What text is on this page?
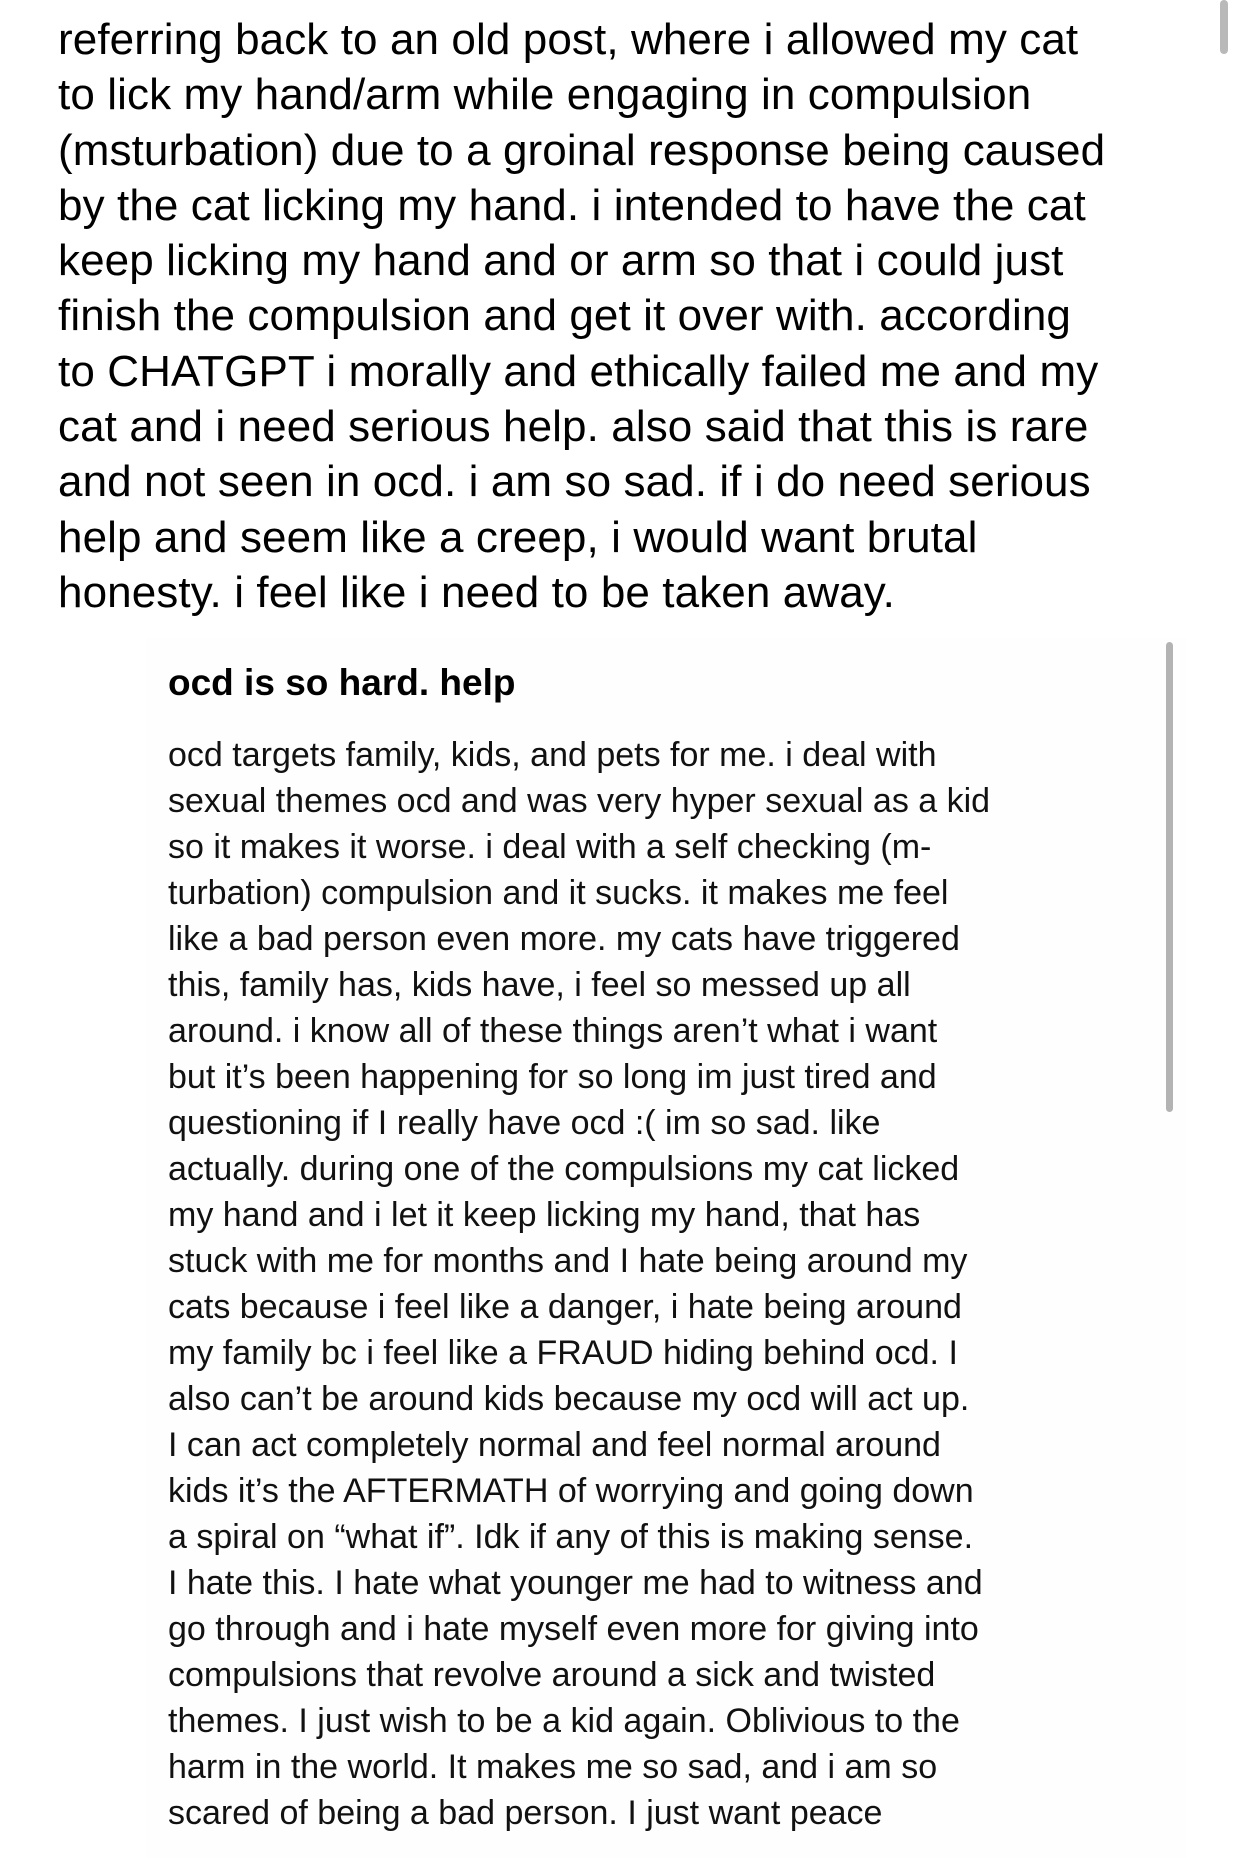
referring back to an old post, where i allowed my cat
to lick my hand/arm while engaging in compulsion
(msturbation) due to a groinal response being caused
by the cat licking my hand. i intended to have the cat
keep licking my hand and or arm so that i could just
finish the compulsion and get it over with. according
to CHATGPT i morally and ethically failed me and my
cat and i need serious help. also said that this is rare
and not seen in ocd. i am so sad. if i do need serious
help and seem like a creep, i would want brutal
honesty. i feel like i need to be taken away.
ocd is so hard. help
ocd targets family, kids, and pets for me. i deal with
sexual themes ocd and was very hyper sexual as a kid
so it makes it worse. i deal with a self checking (m-
turbation) compulsion and it sucks. it makes me feel
like a bad person even more. my cats have triggered
this, family has, kids have, i feel so messed up all
around. i know all of these things aren’t what i want
but it’s been happening for so long im just tired and
questioning if I really have ocd :( im so sad. like
actually. during one of the compulsions my cat licked
my hand and i let it keep licking my hand, that has
stuck with me for months and I hate being around my
cats because i feel like a danger, i hate being around
my family bc i feel like a FRAUD hiding behind ocd. I
also can’t be around kids because my ocd will act up.
I can act completely normal and feel normal around
kids it’s the AFTERMATH of worrying and going down
a spiral on “what if”. Idk if any of this is making sense.
I hate this. I hate what younger me had to witness and
go through and i hate myself even more for giving into
compulsions that revolve around a sick and twisted
themes. I just wish to be a kid again. Oblivious to the
harm in the world. It makes me so sad, and i am so
scared of being a bad person. I just want peace
